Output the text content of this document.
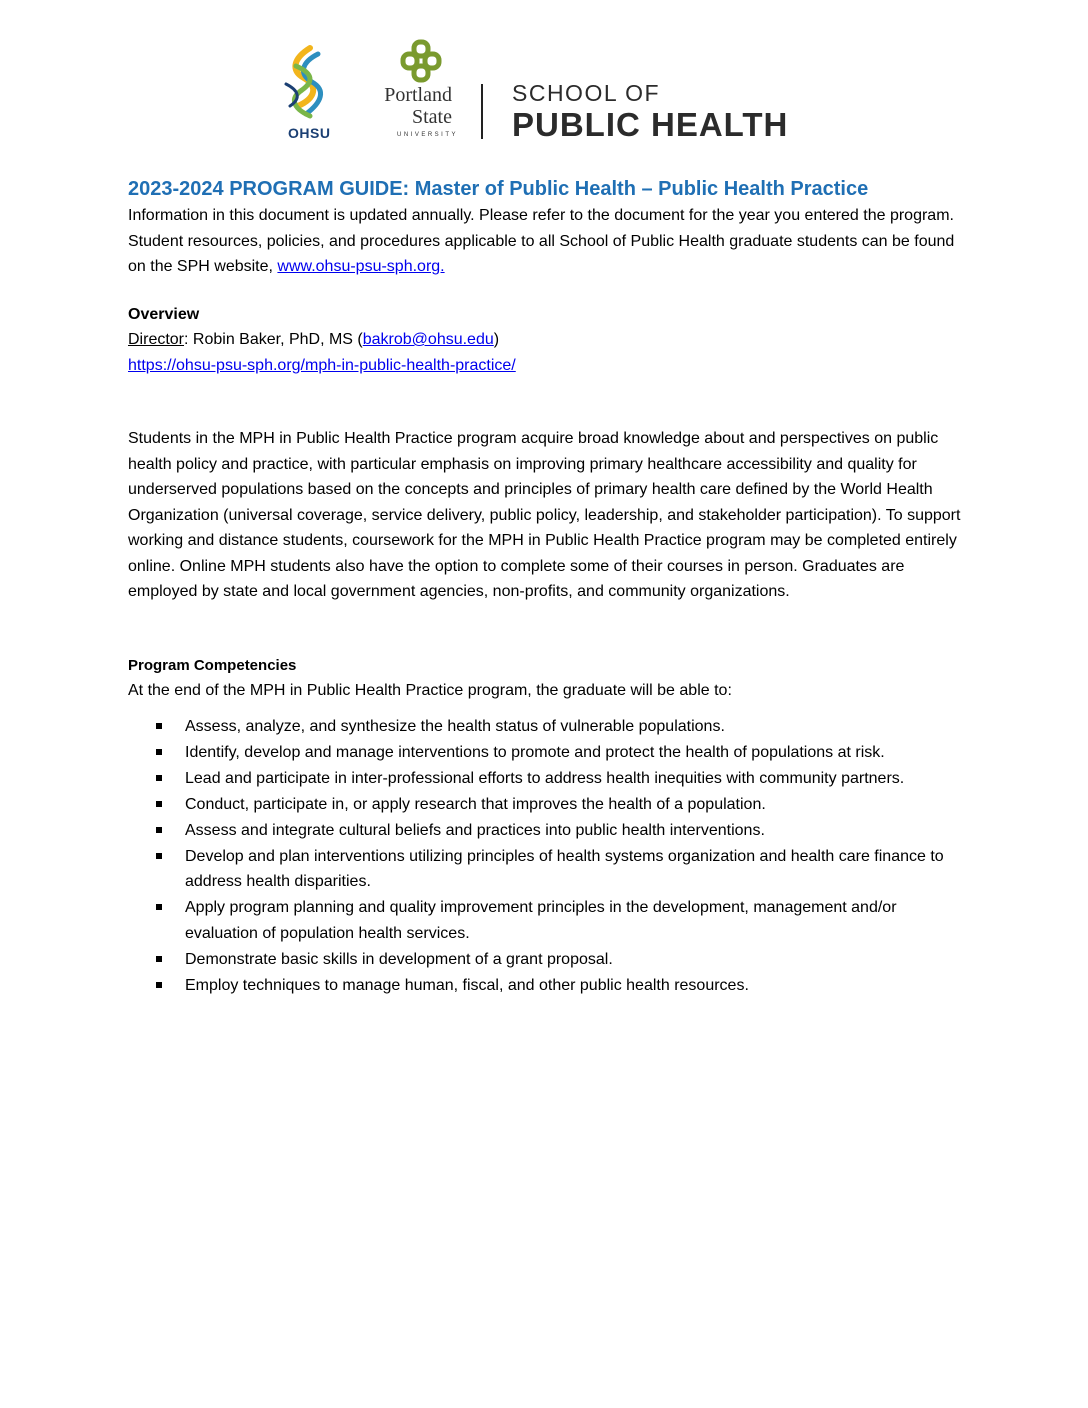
OHSU
Portland
State
UNIVERSITY
SCHOOL OF
PUBLIC HEALTH
2023-2024 PROGRAM GUIDE: Master of Public Health – Public Health Practice

Information in this document is updated annually. Please refer to the document for the year you entered the program. Student resources, policies, and procedures applicable to all School of Public Health graduate students can be found on the SPH website, www.ohsu-psu-sph.org.

Overview

Director: Robin Baker, PhD, MS (bakrob@ohsu.edu)

https://ohsu-psu-sph.org/mph-in-public-health-practice/

Students in the MPH in Public Health Practice program acquire broad knowledge about and perspectives on public health policy and practice, with particular emphasis on improving primary healthcare accessibility and quality for underserved populations based on the concepts and principles of primary health care defined by the World Health Organization (universal coverage, service delivery, public policy, leadership, and stakeholder participation). To support working and distance students, coursework for the MPH in Public Health Practice program may be completed entirely online. Online MPH students also have the option to complete some of their courses in person. Graduates are employed by state and local government agencies, non-profits, and community organizations.

Program Competencies

At the end of the MPH in Public Health Practice program, the graduate will be able to:

Assess, analyze, and synthesize the health status of vulnerable populations.
Identify, develop and manage interventions to promote and protect the health of populations at risk.
Lead and participate in inter-professional efforts to address health inequities with community partners.
Conduct, participate in, or apply research that improves the health of a population.
Assess and integrate cultural beliefs and practices into public health interventions.
Develop and plan interventions utilizing principles of health systems organization and health care finance to address health disparities.
Apply program planning and quality improvement principles in the development, management and/or evaluation of population health services.
Demonstrate basic skills in development of a grant proposal.
Employ techniques to manage human, fiscal, and other public health resources.
